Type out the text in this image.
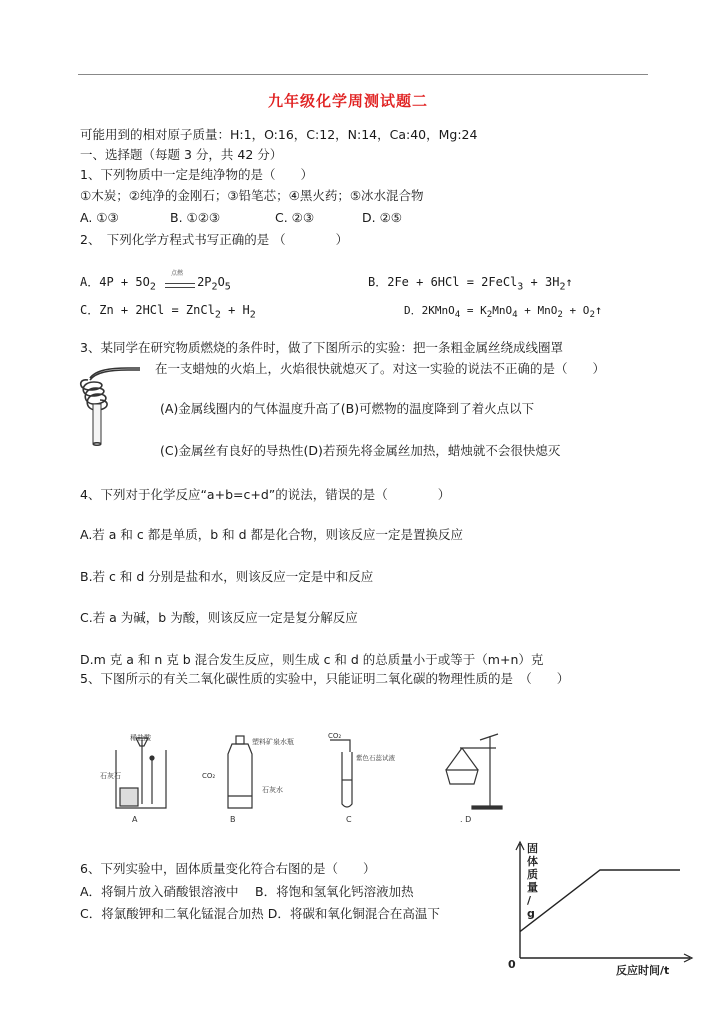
九年级化学周测试题二
可能用到的相对原子质量：H:1，O:16，C:12，N:14，Ca:40，Mg:24
一、选择题（每题 3 分，共 42 分）
1、下列物质中一定是纯净物的是（　　）
①木炭；②纯净的金刚石；③铅笔芯；④黑火药；⑤冰水混合物
A. ①③	B. ①②③	C. ②③	D. ②⑤
2、　下列化学方程式书写正确的是 （　　　　）
A．$4P + 5O_2$	$2P_2O_5$
点燃
B．2Fe + 6HCl = 2FeCl$_3$ + $3H_2↑$
C．Zn + 2HCl = ZnCl$_2$ + $H_2$	D．2KMnO$_4$ = $K_2MnO_4 + MnO_2$ + $O_2↑$
3、某同学在研究物质燃烧的条件时，做了下图所示的实验：把一条粗金属丝绕成线圈罩
在一支蜡烛的火焰上，火焰很快就熄灭了。对这一实验的说法不正确的是（　　）
(A)金属线圈内的气体温度升高了(B)可燃物的温度降到了着火点以下
(C)金属丝有良好的导热性(D)若预先将金属丝加热，蜡烛就不会很快熄灭
4、下列对于化学反应“a+b=c+d”的说法，错误的是（　　　　）
A.若 a 和 c 都是单质，b 和 d 都是化合物，则该反应一定是置换反应
B.若 c 和 d 分别是盐和水，则该反应一定是中和反应
C.若 a 为碱，b 为酸，则该反应一定是复分解反应
D.m 克 a 和 n 克 b 混合发生反应，则生成 c 和 d 的总质量小于或等于（m+n）克
5、下图所示的有关二氧化碳性质的实验中，只能证明二氧化碳的物理性质的是　（　　）
稀盐酸
石灰石
A
塑料矿泉水瓶
CO₂
石灰水
B
CO₂
紫色石蕊试液
C	. D
6、下列实验中，固体质量变化符合右图的是（　　）
A．将铜片放入硝酸银溶液中　 B．将饱和氢氧化钙溶液加热
C．将氯酸钾和二氧化锰混合加热 D．将碳和氧化铜混合在高温下
0	反应时间/t
固
体
质
量
/
g
